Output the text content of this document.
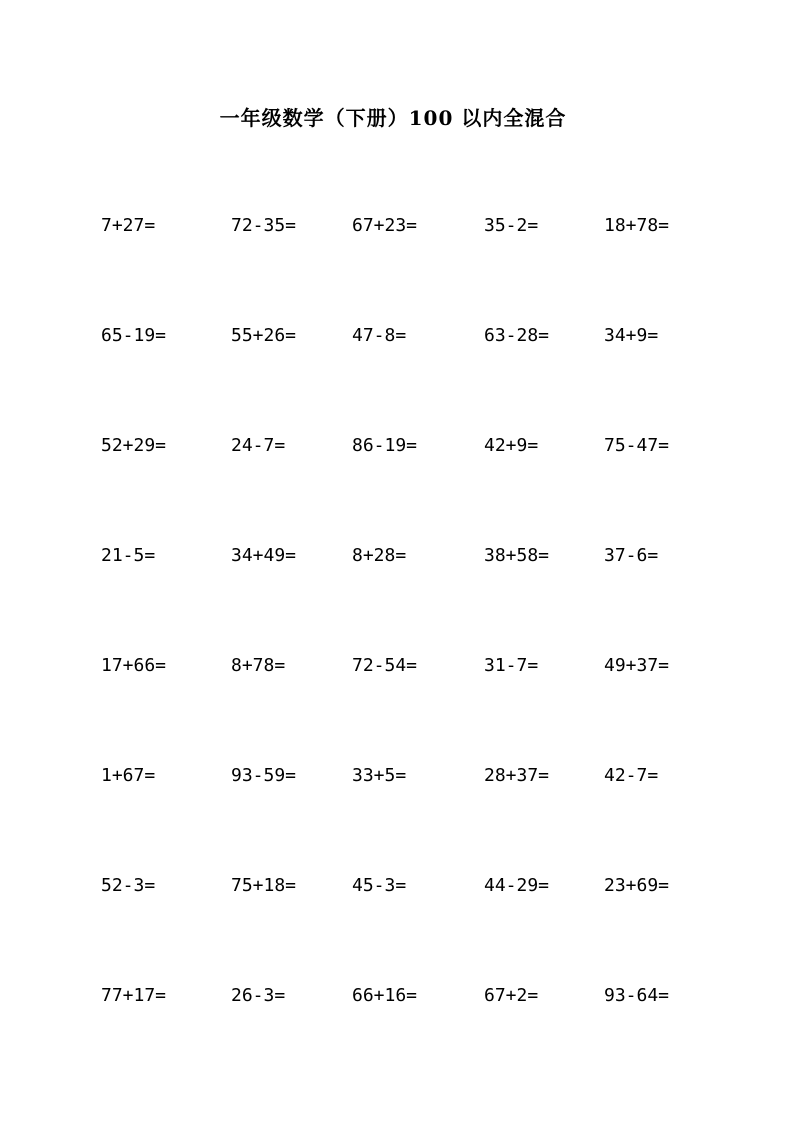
一年级数学（下册）100 以内全混合
7+27=	72-35=	67+23=	35-2=	18+78=
65-19=	55+26=	47-8=	63-28=	34+9=
52+29=	24-7=	86-19=	42+9=	75-47=
21-5=	34+49=	8+28=	38+58=	37-6=
17+66=	8+78=	72-54=	31-7=	49+37=
1+67=	93-59=	33+5=	28+37=	42-7=
52-3=	75+18=	45-3=	44-29=	23+69=
77+17=	26-3=	66+16=	67+2=	93-64=
